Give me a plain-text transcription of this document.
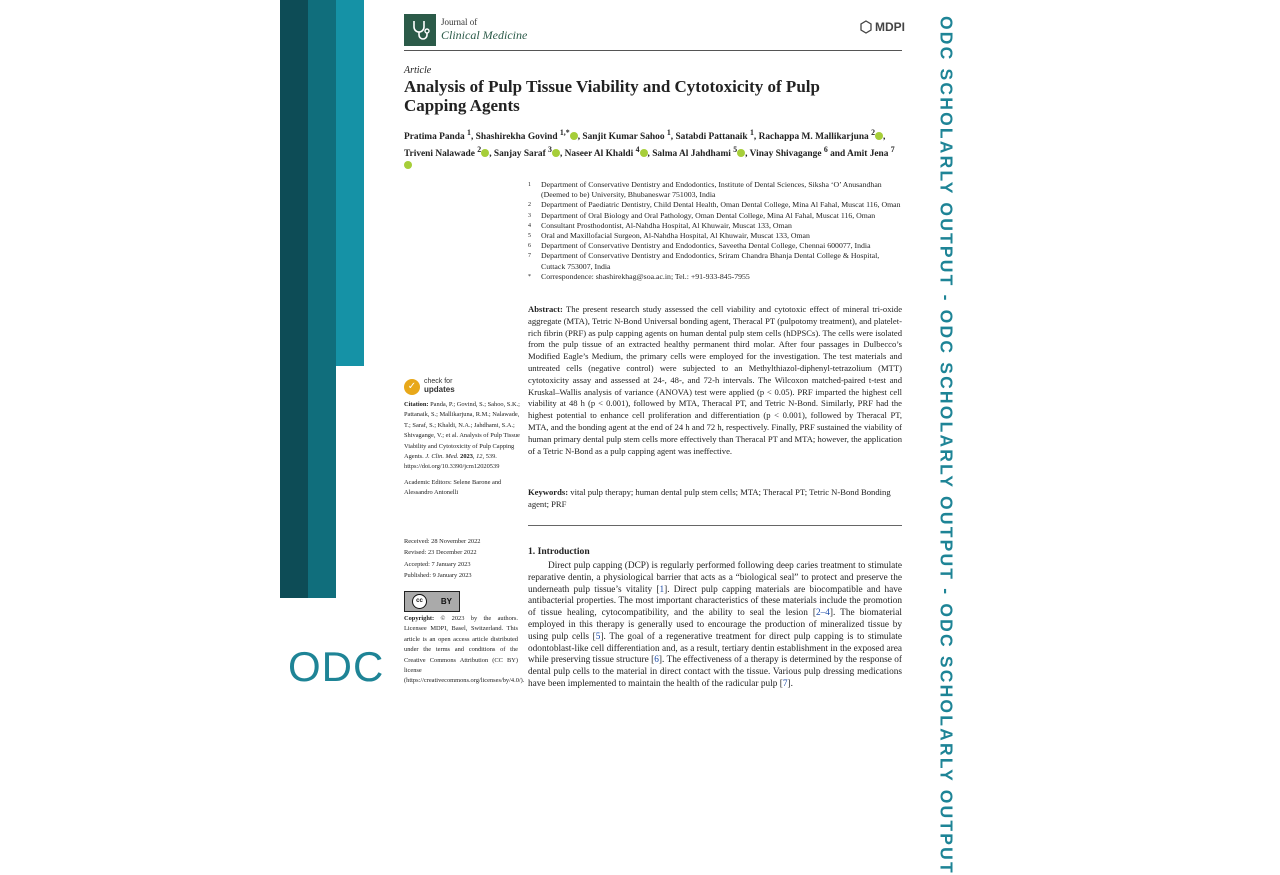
ODC	ODC SCHOLARLY OUTPUT - ODC SCHOLARLY OUTPUT - ODC SCHOLARLY OUTPUT
Journal of
Clinical Medicine
MDPI
Article
Analysis of Pulp Tissue Viability and Cytotoxicity of Pulp Capping Agents
Pratima Panda $^1$, Shashirekha Govind $^{1,*}$ , Sanjit Kumar Sahoo $^1$, Satabdi Pattanaik $^1$, Rachappa M. Mallikarjuna $^2$ , Triveni Nalawade $^2$ , Sanjay Saraf $^3$ , Naseer Al Khaldi $^4$ , Salma Al Jahdhami $^5$ , Vinay Shivagange $^6$ and Amit Jena $^7$
1	Department of Conservative Dentistry and Endodontics, Institute of Dental Sciences, Siksha ‘O’ Anusandhan (Deemed to be) University, Bhubaneswar 751003, India
2	Department of Paediatric Dentistry, Child Dental Health, Oman Dental College, Mina Al Fahal, Muscat 116, Oman
3	Department of Oral Biology and Oral Pathology, Oman Dental College, Mina Al Fahal, Muscat 116, Oman
4	Consultant Prosthodontist, Al-Nahdha Hospital, Al Khuwair, Muscat 133, Oman
5	Oral and Maxillofacial Surgeon, Al-Nahdha Hospital, Al Khuwair, Muscat 133, Oman
6	Department of Conservative Dentistry and Endodontics, Saveetha Dental College, Chennai 600077, India
7	Department of Conservative Dentistry and Endodontics, Sriram Chandra Bhanja Dental College & Hospital, Cuttack 753007, India
*	Correspondence: shashirekhag@soa.ac.in; Tel.: +91-933-845-7955
Abstract: The present research study assessed the cell viability and cytotoxic effect of mineral tri-oxide aggregate (MTA), Tetric N-Bond Universal bonding agent, Theracal PT (pulpotomy treatment), and platelet-rich fibrin (PRF) as pulp capping agents on human dental pulp stem cells (hDPSCs). The cells were isolated from the pulp tissue of an extracted healthy permanent third molar. After four passages in Dulbecco’s Modified Eagle’s Medium, the primary cells were employed for the investigation. The test materials and untreated cells (negative control) were subjected to an Methylthiazol-diphenyl-tetrazolium (MTT) cytotoxicity assay and assessed at 24-, 48-, and 72-h intervals. The Wilcoxon matched-paired t-test and Kruskal–Wallis analysis of variance (ANOVA) test were applied (p < 0.05). PRF imparted the highest cell viability at 48 h (p < 0.001), followed by MTA, Theracal PT, and Tetric N-Bond. Similarly, PRF had the highest potential to enhance cell proliferation and differentiation (p < 0.001), followed by Theracal PT, MTA, and the bonding agent at the end of 24 h and 72 h, respectively. Finally, PRF sustained the viability of human primary dental pulp stem cells more effectively than Theracal PT and MTA; however, the application of a Tetric N-Bond as a pulp capping agent was ineffective.
Keywords: vital pulp therapy; human dental pulp stem cells; MTA; Theracal PT; Tetric N-Bond Bonding agent; PRF
1. Introduction
Direct pulp capping (DCP) is regularly performed following deep caries treatment to stimulate reparative dentin, a physiological barrier that acts as a “biological seal” to protect and preserve the underneath pulp tissue’s vitality [1]. Direct pulp capping materials are biocompatible and have antibacterial properties. The most important characteristics of these materials include the promotion of tissue healing, cytocompatibility, and the ability to seal the lesion [2–4]. The biomaterial employed in this therapy is generally used to encourage the production of mineralized tissue by using pulp cells [5]. The goal of a regenerative treatment for direct pulp capping is to stimulate odontoblast-like cell differentiation and, as a result, tertiary dentin establishment in the exposed area while preserving tissue structure [6]. The effectiveness of a therapy is determined by the response of dental pulp cells to the material in direct contact with the tissue. Various pulp dressing medications have been implemented to maintain the health of the radicular pulp [7].
✓	check for
updates

Citation: Panda, P.; Govind, S.; Sahoo, S.K.; Pattanaik, S.; Mallikarjuna, R.M.; Nalawade, T.; Saraf, S.; Khaldi, N.A.; Jahdhami, S.A.; Shivagange, V.; et al. Analysis of Pulp Tissue Viability and Cytotoxicity of Pulp Capping Agents. J. Clin. Med. 2023, 12, 539. https://doi.org/10.3390/jcm12020539

Academic Editors: Selene Barone and Alessandro Antonelli

Received: 28 November 2022
Revised: 23 December 2022
Accepted: 7 January 2023
Published: 9 January 2023
cc	BY
Copyright: © 2023 by the authors. Licensee MDPI, Basel, Switzerland. This article is an open access article distributed under the terms and conditions of the Creative Commons Attribution (CC BY) license (https://creativecommons.org/licenses/by/4.0/).
